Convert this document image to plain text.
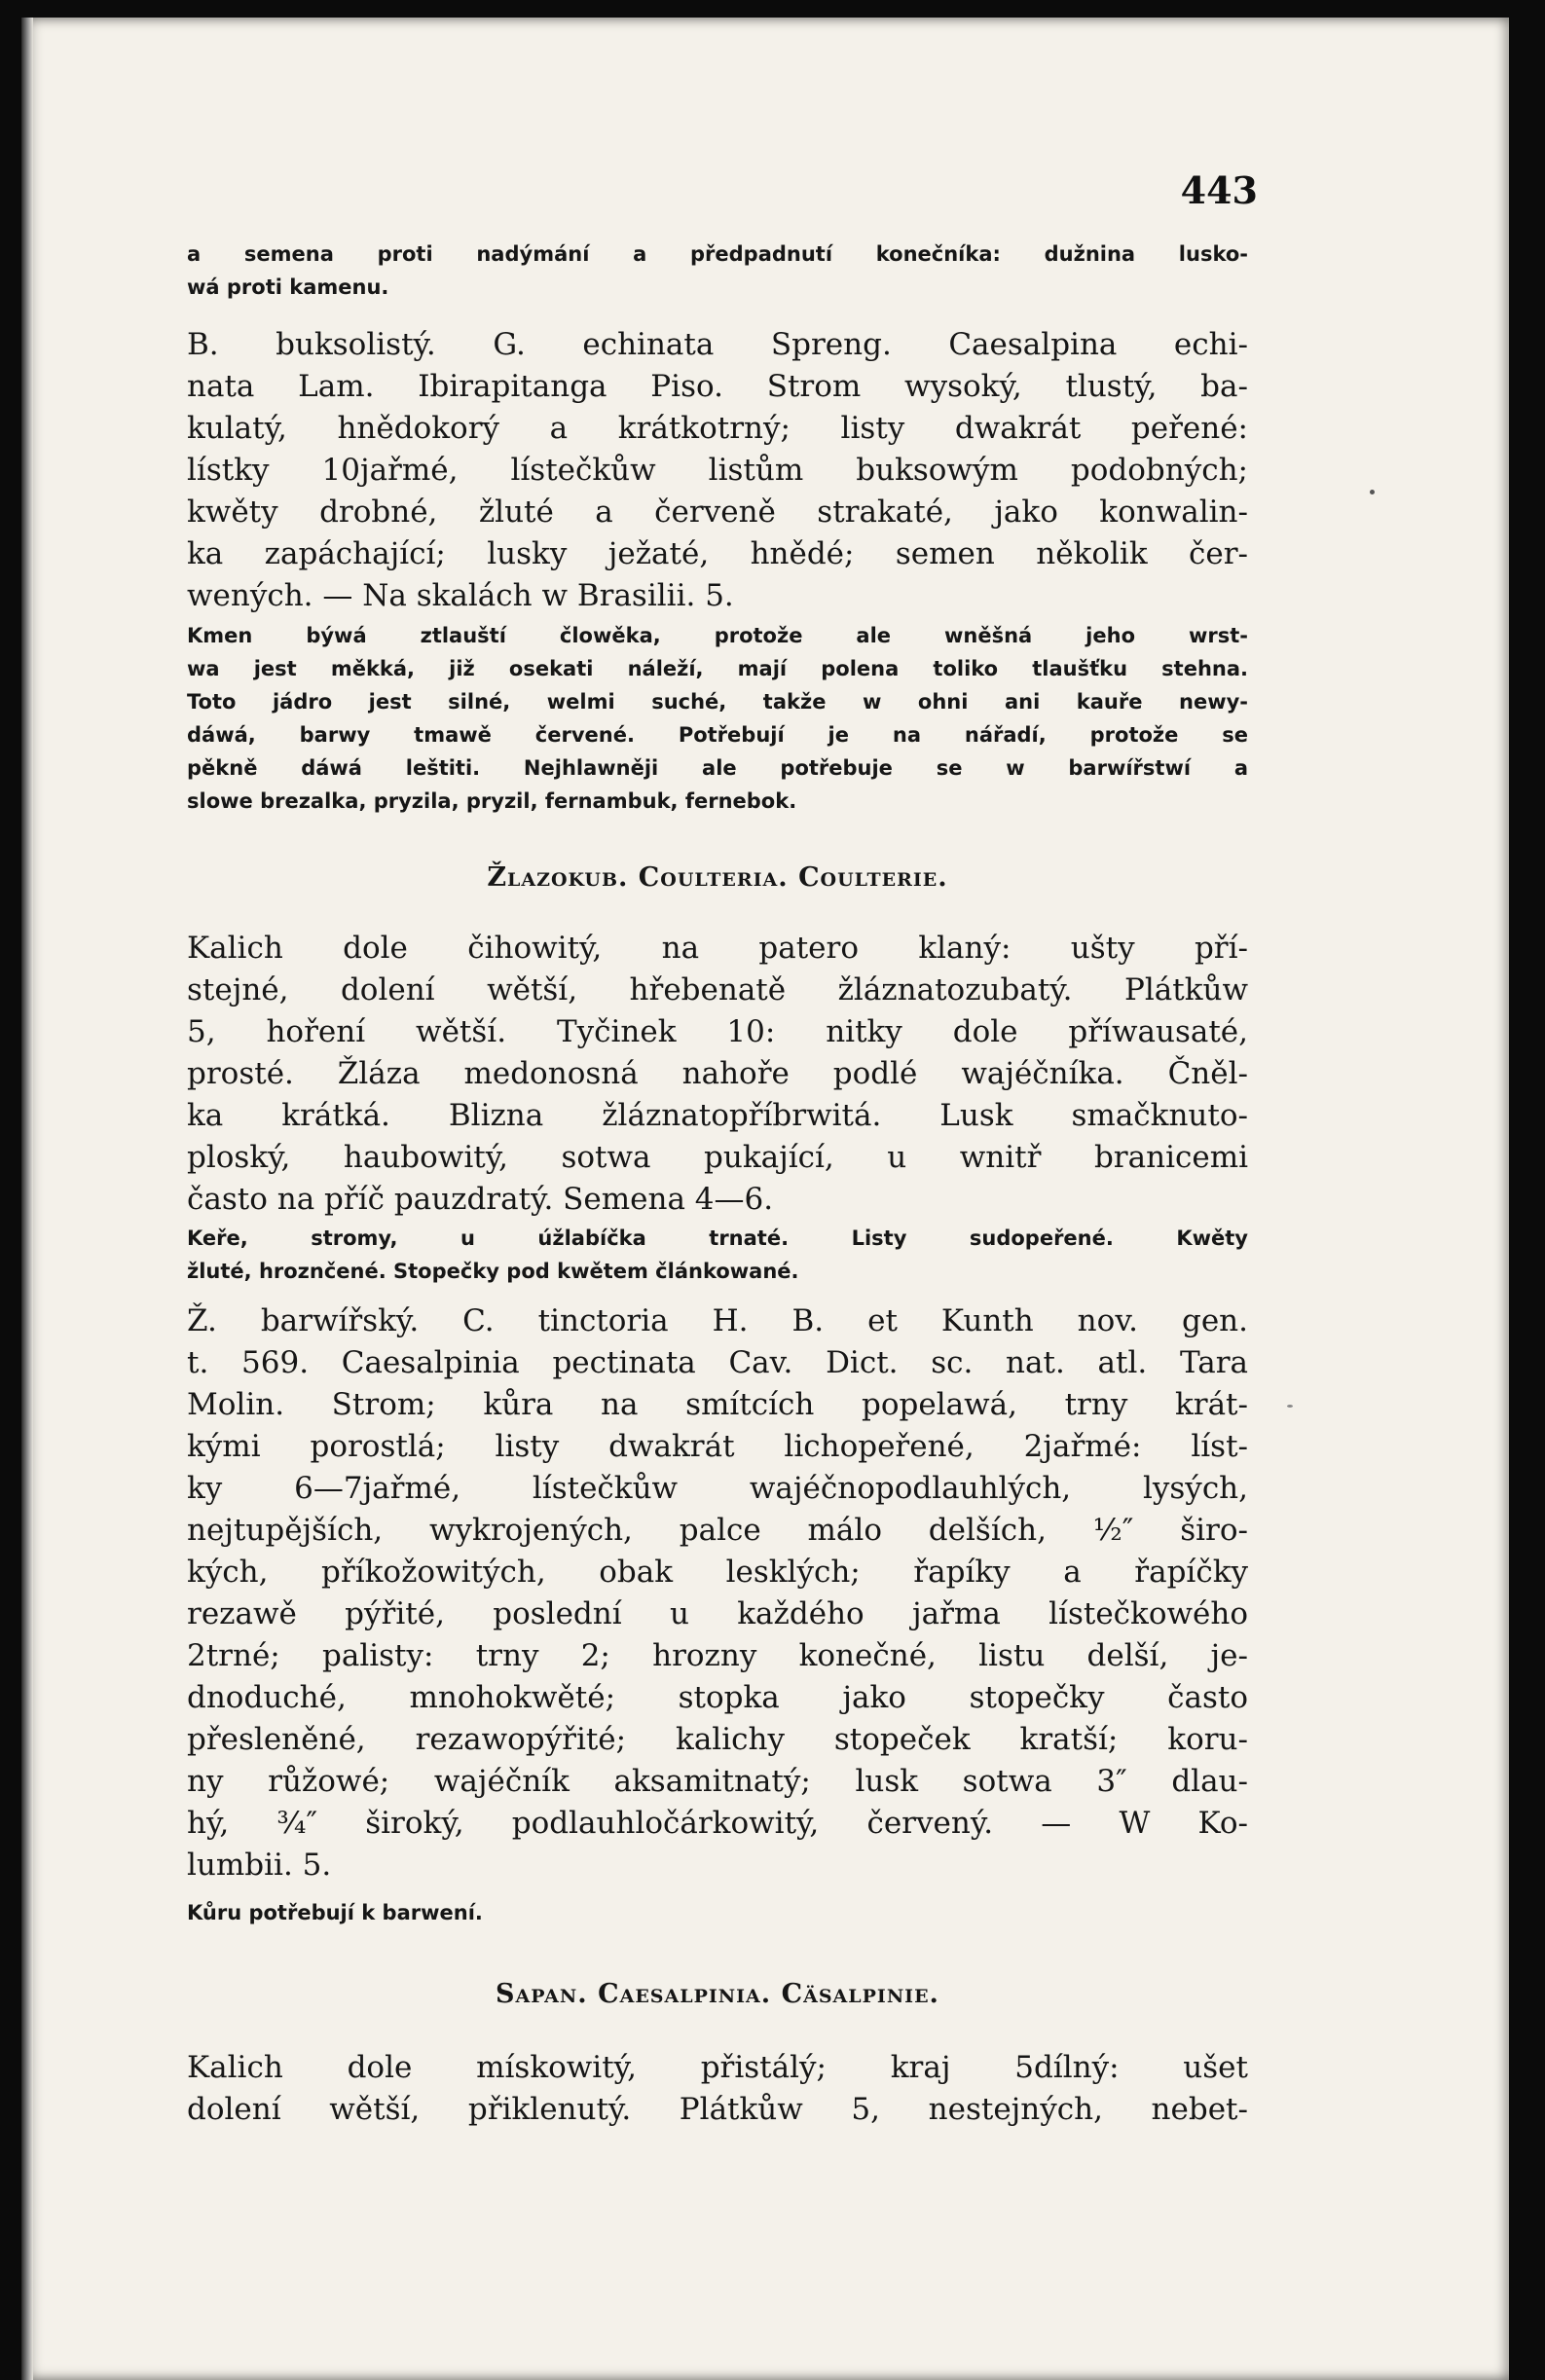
443
a semena proti nadýmání a předpadnutí konečníka: dužnina lusko-
wá proti kamenu.
B. buksolistý. G. echinata Spreng. Caesalpina echi-
nata Lam. Ibirapitanga Piso. Strom wysoký, tlustý, ba-
kulatý, hnědokorý a krátkotrný; listy dwakrát peřené:
lístky 10jařmé, lístečkůw listům buksowým podobných;
kwěty drobné, žluté a červeně strakaté, jako konwalin-
ka zapáchající; lusky ježaté, hnědé; semen několik čer-
wených. — Na skalách w Brasilii. 5.
Kmen býwá ztlauští člowěka, protože ale wněšná jeho wrst-
wa jest měkká, již osekati náleží, mají polena toliko tlaušťku stehna.
Toto jádro jest silné, welmi suché, takže w ohni ani kauře newy-
dáwá, barwy tmawě červené. Potřebují je na nářadí, protože se
pěkně dáwá leštiti. Nejhlawněji ale potřebuje se w barwířstwí a
slowe brezalka, pryzila, pryzil, fernambuk, fernebok.
Žlazokub. Coulteria. Coulterie.
Kalich dole čihowitý, na patero klaný: ušty pří-
stejné, dolení wětší, hřebenatě žláznatozubatý. Plátkůw
5, hoření wětší. Tyčinek 10: nitky dole příwausaté,
prosté. Žláza medonosná nahoře podlé wajéčníka. Čněl-
ka krátká. Blizna žláznatopříbrwitá. Lusk smačknuto-
ploský, haubowitý, sotwa pukající, u wnitř branicemi
často na příč pauzdratý. Semena 4—6.
Keře, stromy, u úžlabíčka trnaté. Listy sudopeřené. Kwěty
žluté, hroznčené. Stopečky pod kwětem článkowané.
Ž. barwířský. C. tinctoria H. B. et Kunth nov. gen.
t. 569. Caesalpinia pectinata Cav. Dict. sc. nat. atl. Tara
Molin. Strom; kůra na smítcích popelawá, trny krát-
kými porostlá; listy dwakrát lichopeřené, 2jařmé: líst-
ky 6—7jařmé, lístečkůw wajéčnopodlauhlých, lysých,
nejtupějších, wykrojených, palce málo delších, ½″ širo-
kých, příkožowitých, obak lesklých; řapíky a řapíčky
rezawě pýřité, poslední u každého jařma lístečkowého
2trné; palisty: trny 2; hrozny konečné, listu delší, je-
dnoduché, mnohokwěté; stopka jako stopečky často
přesleněné, rezawopýřité; kalichy stopeček kratší; koru-
ny růžowé; wajéčník aksamitnatý; lusk sotwa 3″ dlau-
hý, ¾″ široký, podlauhločárkowitý, červený. — W Ko-
lumbii. 5.
Kůru potřebují k barwení.
Sapan. Caesalpinia. Cäsalpinie.
Kalich dole mískowitý, přistálý; kraj 5dílný: ušet
dolení wětší, přiklenutý. Plátkůw 5, nestejných, nebet-
